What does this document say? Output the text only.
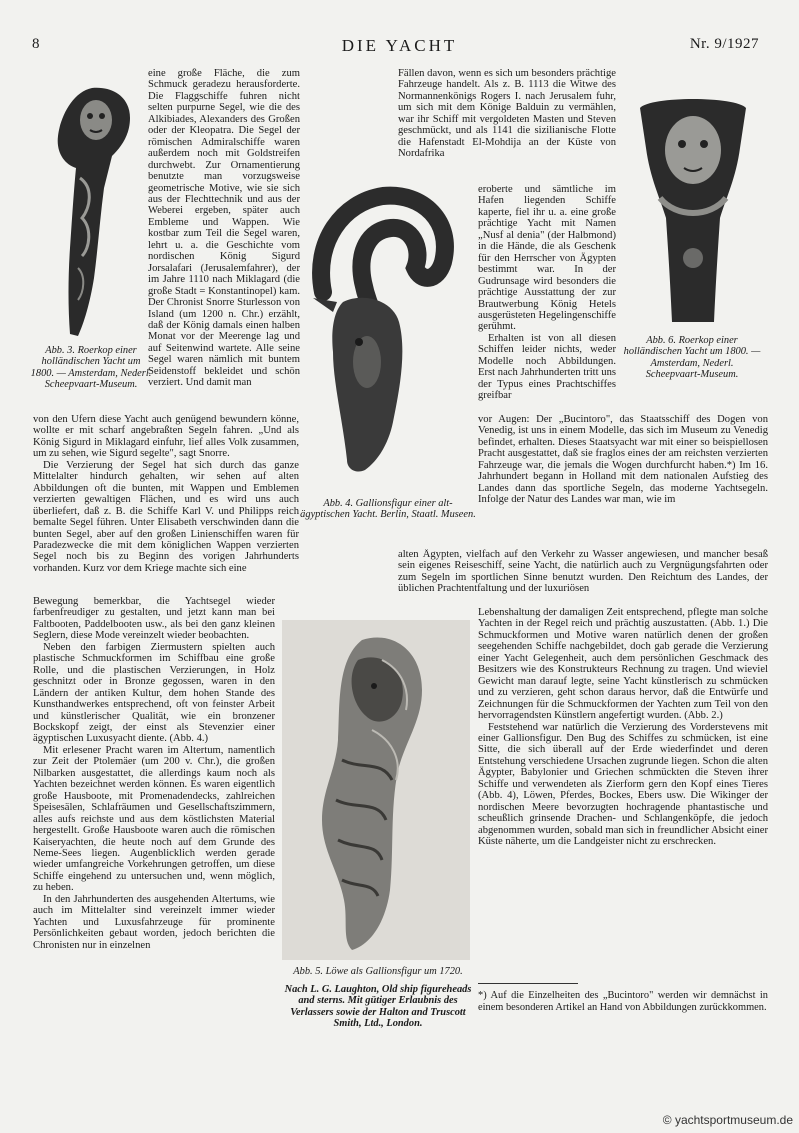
8	DIE YACHT	Nr. 9/1927
Abb. 3. Roerkop einer holländischen Yacht um 1800. — Amsterdam, Nederl. Scheepvaart-Museum.

eine große Fläche, die zum Schmuck geradezu herausforderte. Die Flaggschiffe fuhren nicht selten purpurne Segel, wie die des Alkibiades, Alexanders des Großen oder der Kleopatra. Die Segel der römischen Admiralschiffe waren außerdem noch mit Goldstreifen durchwebt. Zur Ornamentierung benutzte man vorzugsweise geometrische Motive, wie sie sich aus der Flechttechnik und aus der Weberei ergeben, später auch Embleme und Wappen. Wie kostbar zum Teil die Segel waren, lehrt u. a. die Geschichte vom nordischen König Sigurd Jorsalafari (Jerusalemfahrer), der im Jahre 1110 nach Miklagard (die große Stadt = Konstantinopel) kam. Der Chronist Snorre Sturlesson von Island (um 1200 n. Chr.) erzählt, daß der König damals einen halben Monat vor der Meerenge lag und auf Seitenwind wartete. Alle seine Segel waren nämlich mit buntem Seidenstoff bekleidet und schön verziert. Und damit man

Abb. 4. Gallionsfigur einer alt-ägyptischen Yacht. Berlin, Staatl. Museen.

Fällen davon, wenn es sich um besonders prächtige Fahrzeuge handelt. Als z. B. 1113 die Witwe des Normannenkönigs Rogers I. nach Jerusalem fuhr, um sich mit dem Könige Balduin zu vermählen, war ihr Schiff mit vergoldeten Masten und Steven geschmückt, und als 1141 die sizilianische Flotte die Hafenstadt El-Mohdija an der Küste von Nordafrika

eroberte und sämtliche im Hafen liegenden Schiffe kaperte, fiel ihr u. a. eine große prächtige Yacht mit Namen „Nusf al denia" (der Halbmond) in die Hände, die als Geschenk für den Herrscher von Ägypten bestimmt war. In der Gudrunsage wird besonders die prächtige Ausstattung der zur Brautwerbung König Hetels ausgerüsteten Hegelingenschiffe gerühmt.

Erhalten ist von all diesen Schiffen leider nichts, weder Modelle noch Abbildungen. Erst nach Jahrhunderten tritt uns der Typus eines Prachtschiffes greifbar

Abb. 6. Roerkop einer holländischen Yacht um 1800. — Amsterdam, Nederl. Scheepvaart-Museum.

von den Ufern diese Yacht auch genügend bewundern könne, wollte er mit scharf angebraßten Segeln fahren. „Und als König Sigurd in Miklagard einfuhr, lief alles Volk zusammen, um zu sehen, wie Sigurd segelte", sagt Snorre.

Die Verzierung der Segel hat sich durch das ganze Mittelalter hindurch gehalten, wir sehen auf alten Abbildungen oft die bunten, mit Wappen und Emblemen verzierten gewaltigen Flächen, und es wird uns auch überliefert, daß z. B. die Schiffe Karl V. und Philipps reich bemalte Segel führen. Unter Elisabeth verschwinden dann die bunten Segel, aber auf den großen Linienschiffen waren für Paradezwecke die mit dem königlichen Wappen verzierten Segel noch bis zu Beginn des vorigen Jahrhunderts vorhanden. Kurz vor dem Kriege machte sich eine

vor Augen: Der „Bucintoro", das Staatsschiff des Dogen von Venedig, ist uns in einem Modelle, das sich im Museum zu Venedig befindet, erhalten. Dieses Staatsyacht war mit einer so beispiellosen Pracht ausgestattet, daß sie fraglos eines der am reichsten verzierten Fahrzeuge war, die jemals die Wogen durchfurcht haben.*) Im 16. Jahrhundert begann in Holland mit dem nationalen Aufstieg des Landes dann das sportliche Segeln, das moderne Yachtsegeln. Infolge der Natur des Landes war man, wie im

alten Ägypten, vielfach auf den Verkehr zu Wasser angewiesen, und mancher besaß sein eigenes Reiseschiff, seine Yacht, die natürlich auch zu Vergnügungsfahrten oder zum Segeln im sportlichen Sinne benutzt wurden. Den Reichtum des Landes, der üblichen Prachtentfaltung und der luxuriösen

Bewegung bemerkbar, die Yachtsegel wieder farbenfreudiger zu gestalten, und jetzt kann man bei Faltbooten, Paddelbooten usw., als bei den ganz kleinen Seglern, diese Mode vereinzelt wieder beobachten.

Neben den farbigen Ziermustern spielten auch plastische Schmuckformen im Schiffbau eine große Rolle, und die plastischen Verzierungen, in Holz geschnitzt oder in Bronze gegossen, waren in den Ländern der antiken Kultur, dem hohen Stande des Kunsthandwerkes entsprechend, oft von feinster Arbeit und künstlerischer Qualität, wie ein bronzener Bockskopf zeigt, der einst als Stevenzier einer ägyptischen Luxusyacht diente. (Abb. 4.)

Mit erlesener Pracht waren im Altertum, namentlich zur Zeit der Ptolemäer (um 200 v. Chr.), die großen Nilbarken ausgestattet, die allerdings kaum noch als Yachten bezeichnet werden können. Es waren eigentlich große Hausboote, mit Promenadendecks, zahlreichen Speisesälen, Schlafräumen und Gesellschaftszimmern, alles aufs reichste und aus dem köstlichsten Material hergestellt. Große Hausboote waren auch die römischen Kaiseryachten, die heute noch auf dem Grunde des Neme-Sees liegen. Augenblicklich werden gerade wieder umfangreiche Vorkehrungen getroffen, um diese Schiffe eingehend zu untersuchen und, wenn möglich, zu heben.

In den Jahrhunderten des ausgehenden Altertums, wie auch im Mittelalter sind vereinzelt immer wieder Yachten und Luxusfahrzeuge für prominente Persönlichkeiten gebaut worden, jedoch berichten die Chronisten nur in einzelnen

Abb. 5. Löwe als Gallionsfigur um 1720.
Nach L. G. Laughton, Old ship figureheads and sterns. Mit gütiger Erlaubnis des Verlassers sowie der Halton and Truscott Smith, Ltd., London.

Lebenshaltung der damaligen Zeit entsprechend, pflegte man solche Yachten in der Regel reich und prächtig auszustatten. (Abb. 1.) Die Schmuckformen und Motive waren natürlich denen der großen seegehenden Schiffe nachgebildet, doch gab gerade die Verzierung einer Yacht Gelegenheit, auch dem persönlichen Geschmack des Besitzers wie des Konstrukteurs Rechnung zu tragen. Und wieviel Gewicht man darauf legte, seine Yacht künstlerisch zu schmücken und zu verzieren, geht schon daraus hervor, daß die Entwürfe und Zeichnungen für die Schmuckformen der Yachten zum Teil von den hervorragendsten Künstlern angefertigt wurden. (Abb. 2.)

Feststehend war natürlich die Verzierung des Vorderstevens mit einer Gallionsfigur. Den Bug des Schiffes zu schmücken, ist eine Sitte, die sich überall auf der Erde wiederfindet und deren Entstehung verschiedene Ursachen zugrunde liegen. Schon die alten Ägypter, Babylonier und Griechen schmückten die Steven ihrer Schiffe und verwendeten als Zierform gern den Kopf eines Tieres (Abb. 4), Löwen, Pferdes, Bockes, Ebers usw. Die Wikinger der nordischen Meere bevorzugten hochragende phantastische und scheußlich grinsende Drachen- und Schlangenköpfe, die jedoch abgenommen wurden, sobald man sich in freundlicher Absicht einer Küste näherte, um die Landgeister nicht zu erschrecken.

*) Auf die Einzelheiten des „Bucintoro" werden wir demnächst in einem besonderen Artikel an Hand von Abbildungen zurückkommen.
© yachtsportmuseum.de
